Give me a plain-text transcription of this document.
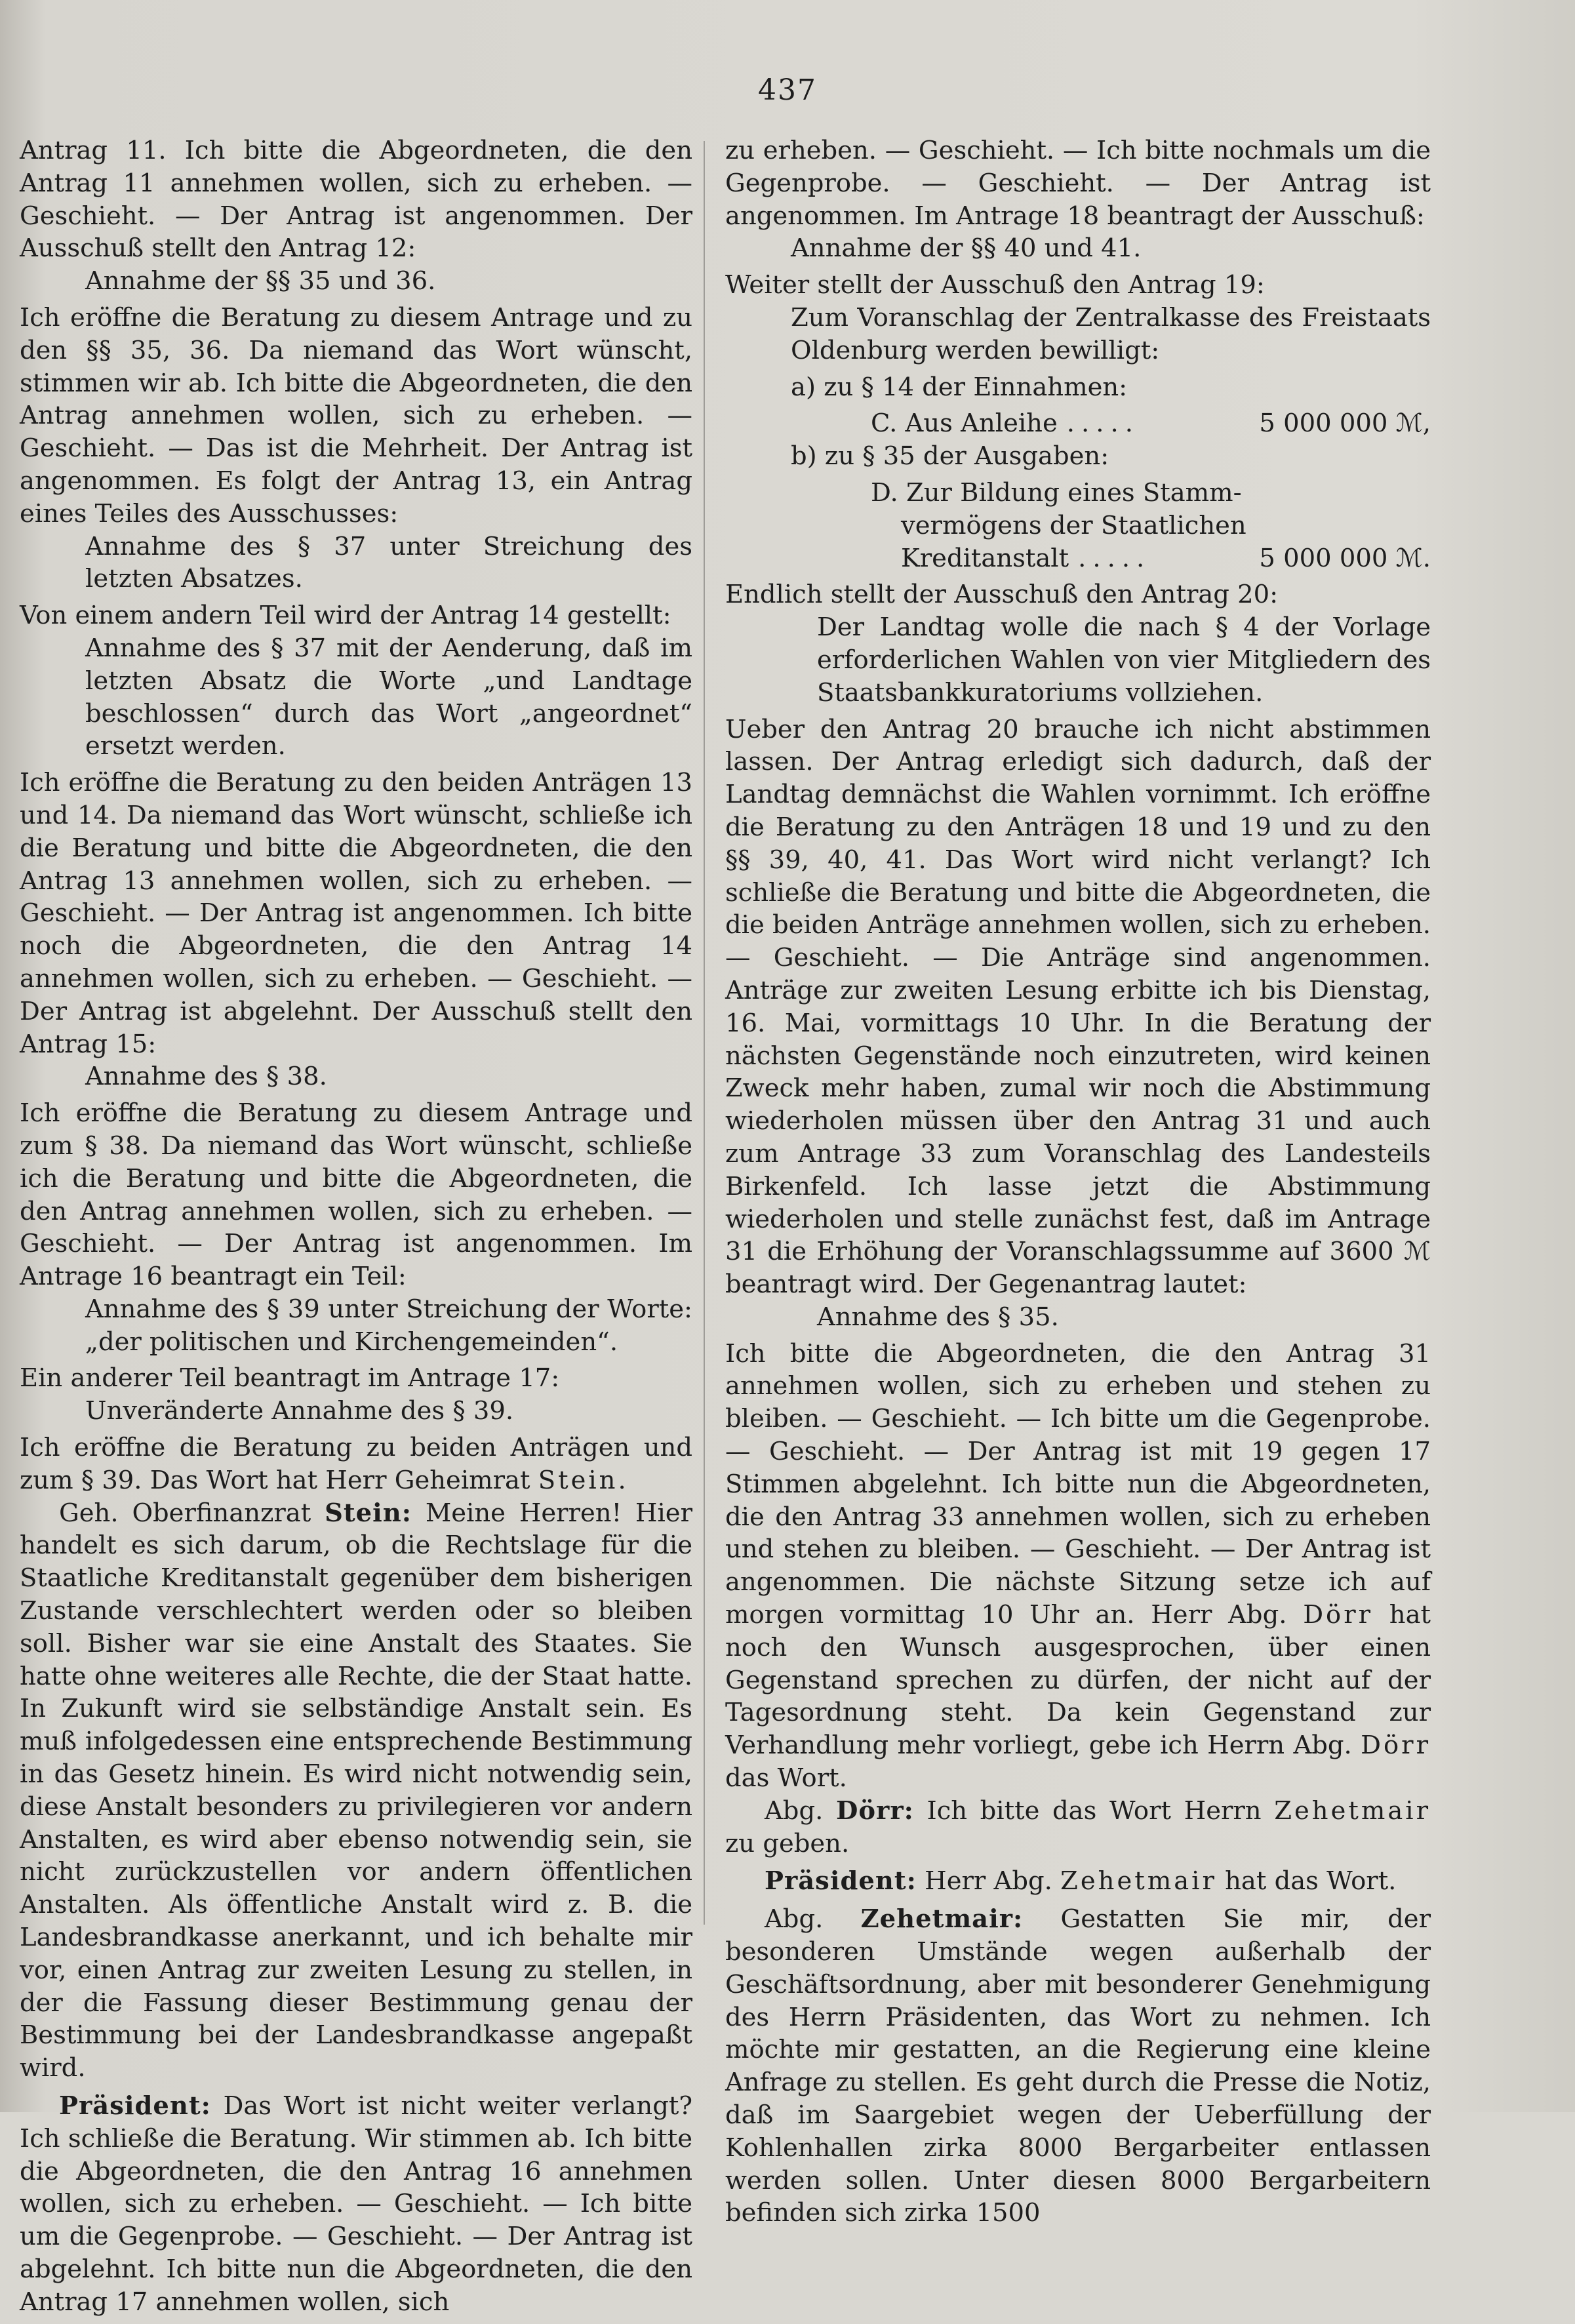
437

Antrag 11. Ich bitte die Abgeordneten, die den Antrag 11 annehmen wollen, sich zu erheben. — Geschieht. — Der Antrag ist angenommen. Der Ausschuß stellt den Antrag 12:

Annahme der §§ 35 und 36.

Ich eröffne die Beratung zu diesem Antrage und zu den §§ 35, 36. Da niemand das Wort wünscht, stimmen wir ab. Ich bitte die Abgeordneten, die den Antrag annehmen wollen, sich zu erheben. — Geschieht. — Das ist die Mehrheit. Der Antrag ist angenommen. Es folgt der Antrag 13, ein Antrag eines Teiles des Ausschusses:

Annahme des § 37 unter Streichung des letzten Absatzes.

Von einem andern Teil wird der Antrag 14 gestellt:

Annahme des § 37 mit der Aenderung, daß im letzten Absatz die Worte „und Landtage beschlossen“ durch das Wort „angeordnet“ ersetzt werden.

Ich eröffne die Beratung zu den beiden Anträgen 13 und 14. Da niemand das Wort wünscht, schließe ich die Beratung und bitte die Abgeordneten, die den Antrag 13 annehmen wollen, sich zu erheben. — Geschieht. — Der Antrag ist angenommen. Ich bitte noch die Abgeordneten, die den Antrag 14 annehmen wollen, sich zu erheben. — Geschieht. — Der Antrag ist abgelehnt. Der Ausschuß stellt den Antrag 15:

Annahme des § 38.

Ich eröffne die Beratung zu diesem Antrage und zum § 38. Da niemand das Wort wünscht, schließe ich die Beratung und bitte die Abgeordneten, die den Antrag annehmen wollen, sich zu erheben. — Geschieht. — Der Antrag ist angenommen. Im Antrage 16 beantragt ein Teil:

Annahme des § 39 unter Streichung der Worte: „der politischen und Kirchengemeinden“.

Ein anderer Teil beantragt im Antrage 17:

Unveränderte Annahme des § 39.

Ich eröffne die Beratung zu beiden Anträgen und zum § 39. Das Wort hat Herr Geheimrat Stein.

Geh. Oberfinanzrat Stein: Meine Herren! Hier handelt es sich darum, ob die Rechtslage für die Staatliche Kreditanstalt gegenüber dem bisherigen Zustande verschlechtert werden oder so bleiben soll. Bisher war sie eine Anstalt des Staates. Sie hatte ohne weiteres alle Rechte, die der Staat hatte. In Zukunft wird sie selbständige Anstalt sein. Es muß infolgedessen eine entsprechende Bestimmung in das Gesetz hinein. Es wird nicht notwendig sein, diese Anstalt besonders zu privilegieren vor andern Anstalten, es wird aber ebenso notwendig sein, sie nicht zurückzustellen vor andern öffentlichen Anstalten. Als öffentliche Anstalt wird z. B. die Landesbrandkasse anerkannt, und ich behalte mir vor, einen Antrag zur zweiten Lesung zu stellen, in der die Fassung dieser Bestimmung genau der Bestimmung bei der Landesbrandkasse angepaßt wird.

Präsident: Das Wort ist nicht weiter verlangt? Ich schließe die Beratung. Wir stimmen ab. Ich bitte die Abgeordneten, die den Antrag 16 annehmen wollen, sich zu erheben. — Geschieht. — Ich bitte um die Gegenprobe. — Geschieht. — Der Antrag ist abgelehnt. Ich bitte nun die Abgeordneten, die den Antrag 17 annehmen wollen, sich

zu erheben. — Geschieht. — Ich bitte nochmals um die Gegenprobe. — Geschieht. — Der Antrag ist angenommen. Im Antrage 18 beantragt der Ausschuß:

Annahme der §§ 40 und 41.

Weiter stellt der Ausschuß den Antrag 19:

Zum Voranschlag der Zentralkasse des Freistaats Oldenburg werden bewilligt:

a) zu § 14 der Einnahmen:

C. Aus Anleihe .....	5 000 000 ℳ,

b) zu § 35 der Ausgaben:

D. Zur Bildung eines Stamm-

vermögens der Staatlichen

Kreditanstalt .....	5 000 000 ℳ.

Endlich stellt der Ausschuß den Antrag 20:

Der Landtag wolle die nach § 4 der Vorlage erforderlichen Wahlen von vier Mitgliedern des Staatsbankkuratoriums vollziehen.

Ueber den Antrag 20 brauche ich nicht abstimmen lassen. Der Antrag erledigt sich dadurch, daß der Landtag demnächst die Wahlen vornimmt. Ich eröffne die Beratung zu den Anträgen 18 und 19 und zu den §§ 39, 40, 41. Das Wort wird nicht verlangt? Ich schließe die Beratung und bitte die Abgeordneten, die die beiden Anträge annehmen wollen, sich zu erheben. — Geschieht. — Die Anträge sind angenommen. Anträge zur zweiten Lesung erbitte ich bis Dienstag, 16. Mai, vormittags 10 Uhr. In die Beratung der nächsten Gegenstände noch einzutreten, wird keinen Zweck mehr haben, zumal wir noch die Abstimmung wiederholen müssen über den Antrag 31 und auch zum Antrage 33 zum Voranschlag des Landesteils Birkenfeld. Ich lasse jetzt die Abstimmung wiederholen und stelle zunächst fest, daß im Antrage 31 die Erhöhung der Voranschlagssumme auf 3600 ℳ beantragt wird. Der Gegenantrag lautet:

Annahme des § 35.

Ich bitte die Abgeordneten, die den Antrag 31 annehmen wollen, sich zu erheben und stehen zu bleiben. — Geschieht. — Ich bitte um die Gegenprobe. — Geschieht. — Der Antrag ist mit 19 gegen 17 Stimmen abgelehnt. Ich bitte nun die Abgeordneten, die den Antrag 33 annehmen wollen, sich zu erheben und stehen zu bleiben. — Geschieht. — Der Antrag ist angenommen. Die nächste Sitzung setze ich auf morgen vormittag 10 Uhr an. Herr Abg. Dörr hat noch den Wunsch ausgesprochen, über einen Gegenstand sprechen zu dürfen, der nicht auf der Tagesordnung steht. Da kein Gegenstand zur Verhandlung mehr vorliegt, gebe ich Herrn Abg. Dörr das Wort.

Abg. Dörr: Ich bitte das Wort Herrn Zehetmair zu geben.

Präsident: Herr Abg. Zehetmair hat das Wort.

Abg. Zehetmair: Gestatten Sie mir, der besonderen Umstände wegen außerhalb der Geschäftsordnung, aber mit besonderer Genehmigung des Herrn Präsidenten, das Wort zu nehmen. Ich möchte mir gestatten, an die Regierung eine kleine Anfrage zu stellen. Es geht durch die Presse die Notiz, daß im Saargebiet wegen der Ueberfüllung der Kohlenhallen zirka 8000 Bergarbeiter entlassen werden sollen. Unter diesen 8000 Bergarbeitern befinden sich zirka 1500
